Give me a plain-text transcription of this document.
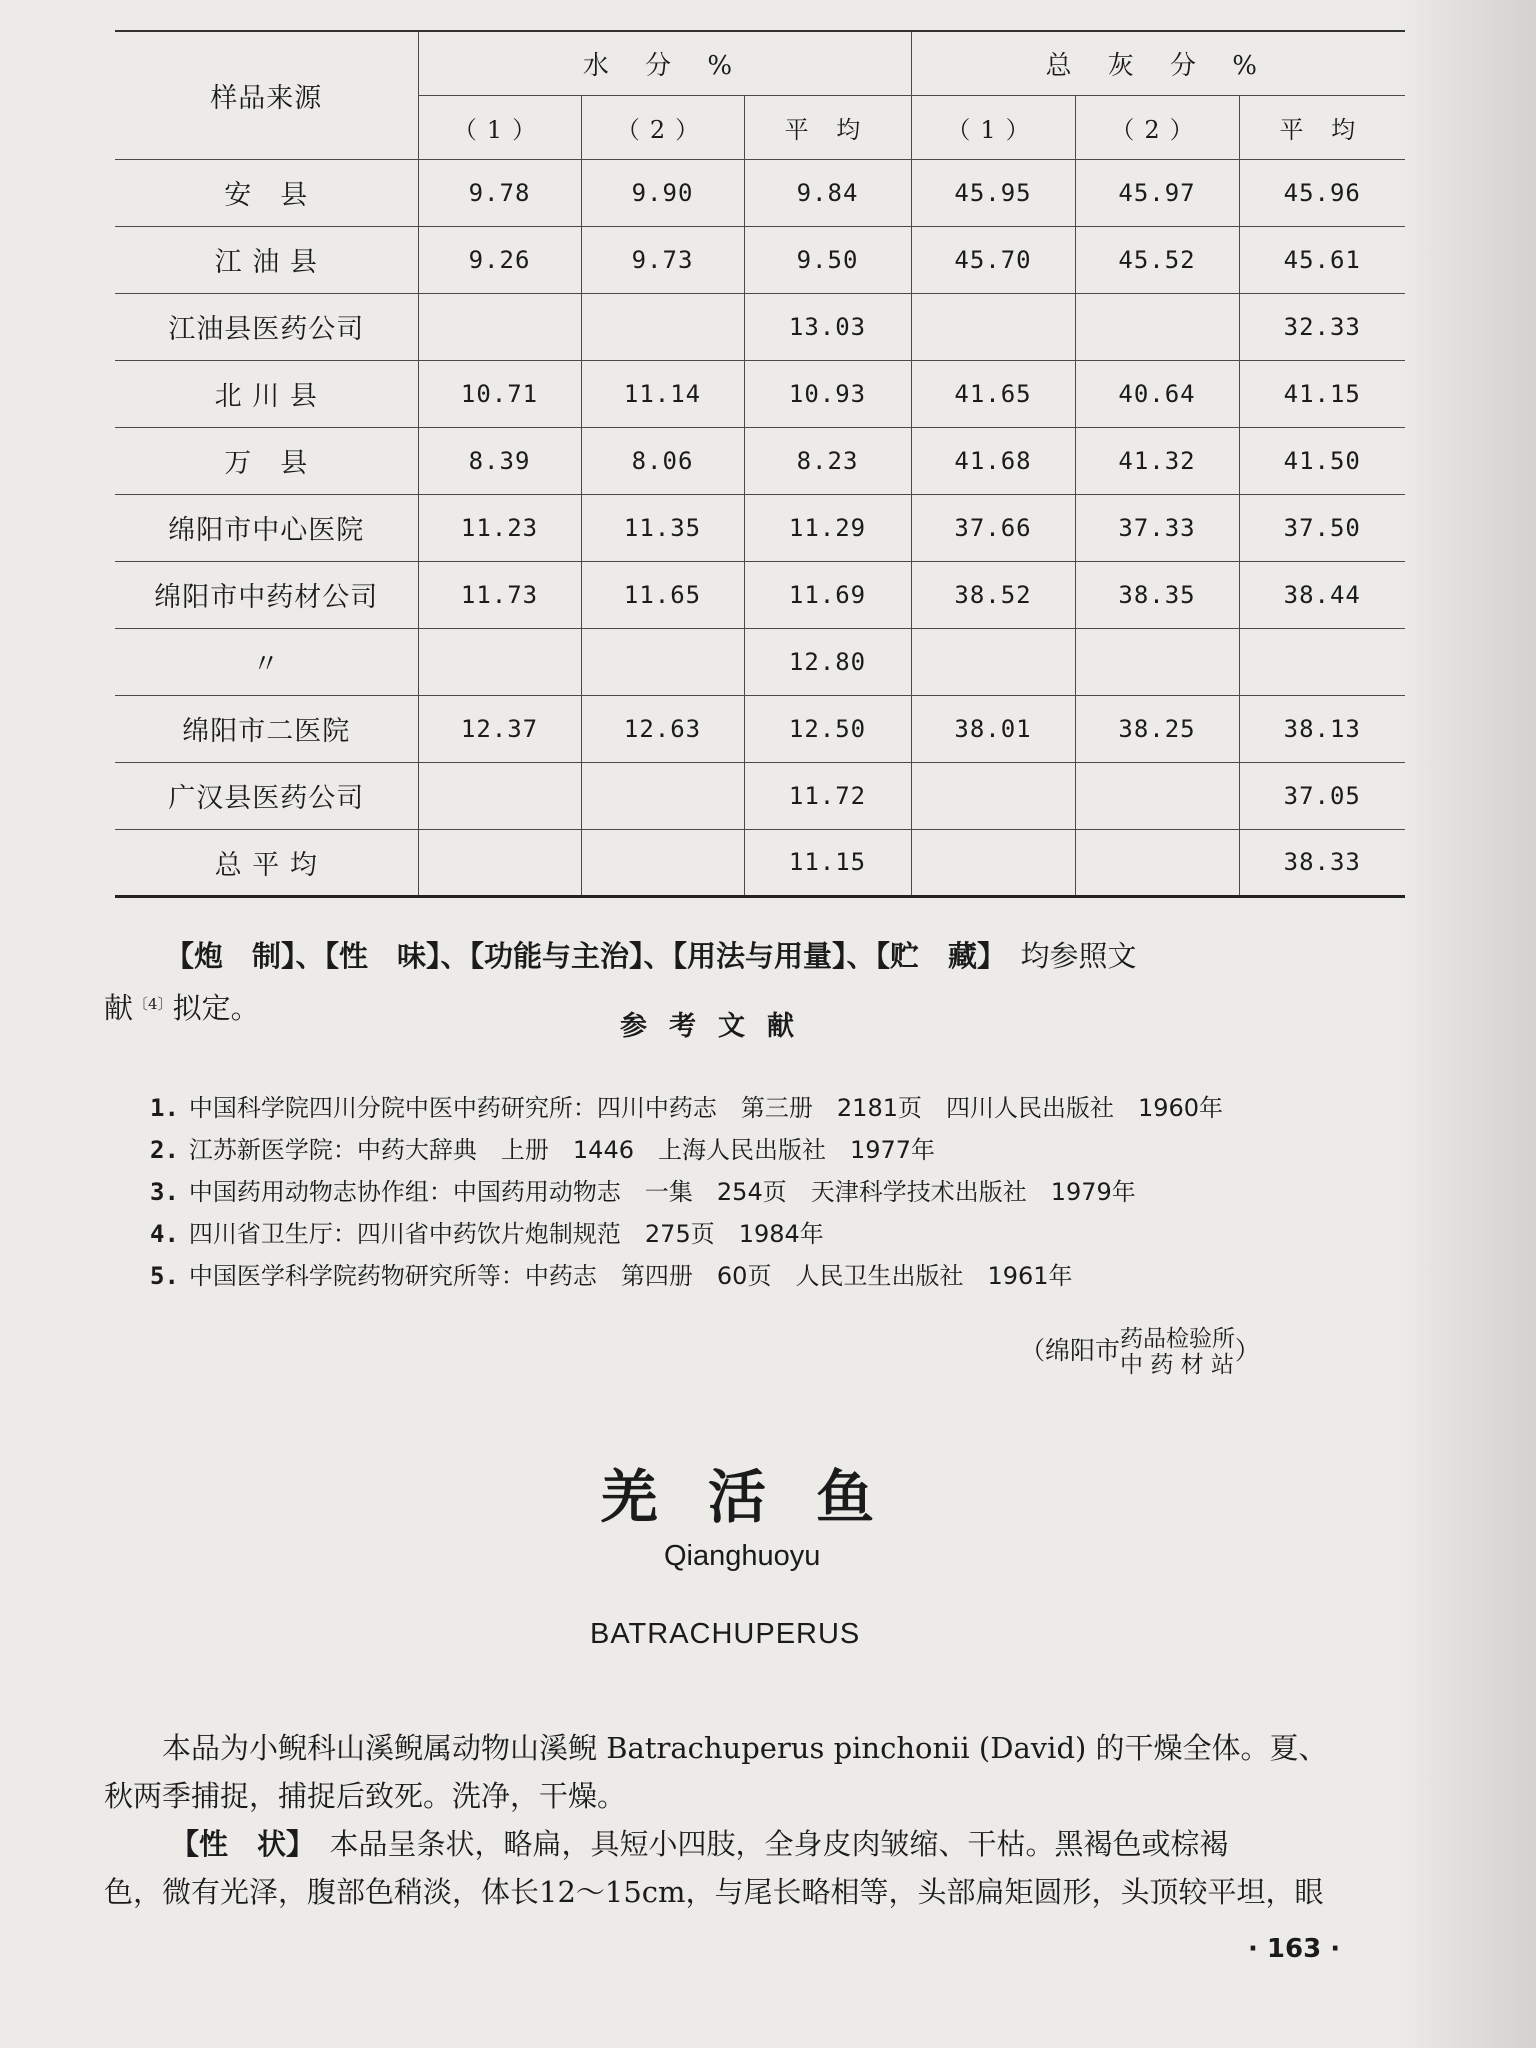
样品来源	水 分 %			总 灰 分 %		
	（1）	（2）	平 均	（1）	（2）	平 均
安　县	9.78	9.90	9.84	45.95	45.97	45.96
江 油 县	9.26	9.73	9.50	45.70	45.52	45.61
江油县医药公司			13.03			32.33
北 川 县	10.71	11.14	10.93	41.65	40.64	41.15
万　县	8.39	8.06	8.23	41.68	41.32	41.50
绵阳市中心医院	11.23	11.35	11.29	37.66	37.33	37.50
绵阳市中药材公司	11.73	11.65	11.69	38.52	38.35	38.44
〃			12.80			
绵阳市二医院	12.37	12.63	12.50	38.01	38.25	38.13
广汉县医药公司			11.72			37.05
总 平 均			11.15			38.33
【炮　制】、【性　味】、【功能与主治】、【用法与用量】、【贮　藏】　均参照文
献$^{〔4〕}$拟定。
参考文献
1. 中国科学院四川分院中医中药研究所：四川中药志　第三册　2181页　四川人民出版社　1960年
2. 江苏新医学院：中药大辞典　上册　1446　上海人民出版社　1977年
3. 中国药用动物志协作组：中国药用动物志　一集　254页　天津科学技术出版社　1979年
4. 四川省卫生厅：四川省中药饮片炮制规范　275页　1984年
5. 中国医学科学院药物研究所等：中药志　第四册　60页　人民卫生出版社　1961年
（绵阳市药品检验所
中 药 材 站）
羌活鱼
Qianghuoyu
BATRACHUPERUS
　　本品为小鲵科山溪鲵属动物山溪鲵 Batrachuperus pinchonii (David) 的干燥全体。夏、
秋两季捕捉，捕捉后致死。洗净，干燥。
【性　状】　本品呈条状，略扁，具短小四肢，全身皮肉皱缩、干枯。黑褐色或棕褐
色，微有光泽，腹部色稍淡，体长12～15cm，与尾长略相等，头部扁矩圆形，头顶较平坦，眼
· 163 ·
